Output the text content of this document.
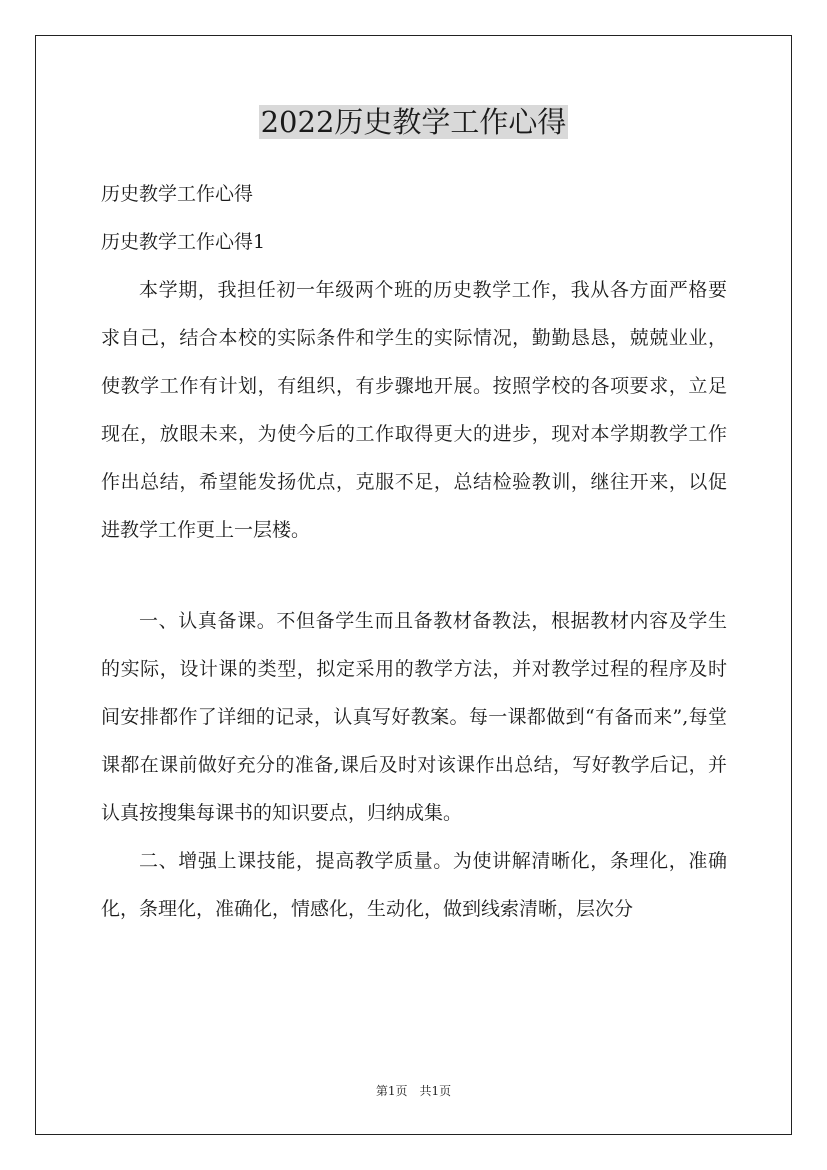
2022历史教学工作心得

历史教学工作心得

历史教学工作心得1

本学期，我担任初一年级两个班的历史教学工作，我从各方面严格要求自己，结合本校的实际条件和学生的实际情况，勤勤恳恳，兢兢业业，使教学工作有计划，有组织，有步骤地开展。按照学校的各项要求，立足现在，放眼未来，为使今后的工作取得更大的进步，现对本学期教学工作作出总结，希望能发扬优点，克服不足，总结检验教训，继往开来，以促进教学工作更上一层楼。

一、认真备课。不但备学生而且备教材备教法，根据教材内容及学生的实际，设计课的类型，拟定采用的教学方法，并对教学过程的程序及时间安排都作了详细的记录，认真写好教案。每一课都做到“有备而来”,每堂课都在课前做好充分的准备,课后及时对该课作出总结，写好教学后记，并认真按搜集每课书的知识要点，归纳成集。

二、增强上课技能，提高教学质量。为使讲解清晰化，条理化，准确化，条理化，准确化，情感化，生动化，做到线索清晰，层次分

第1页　共1页
